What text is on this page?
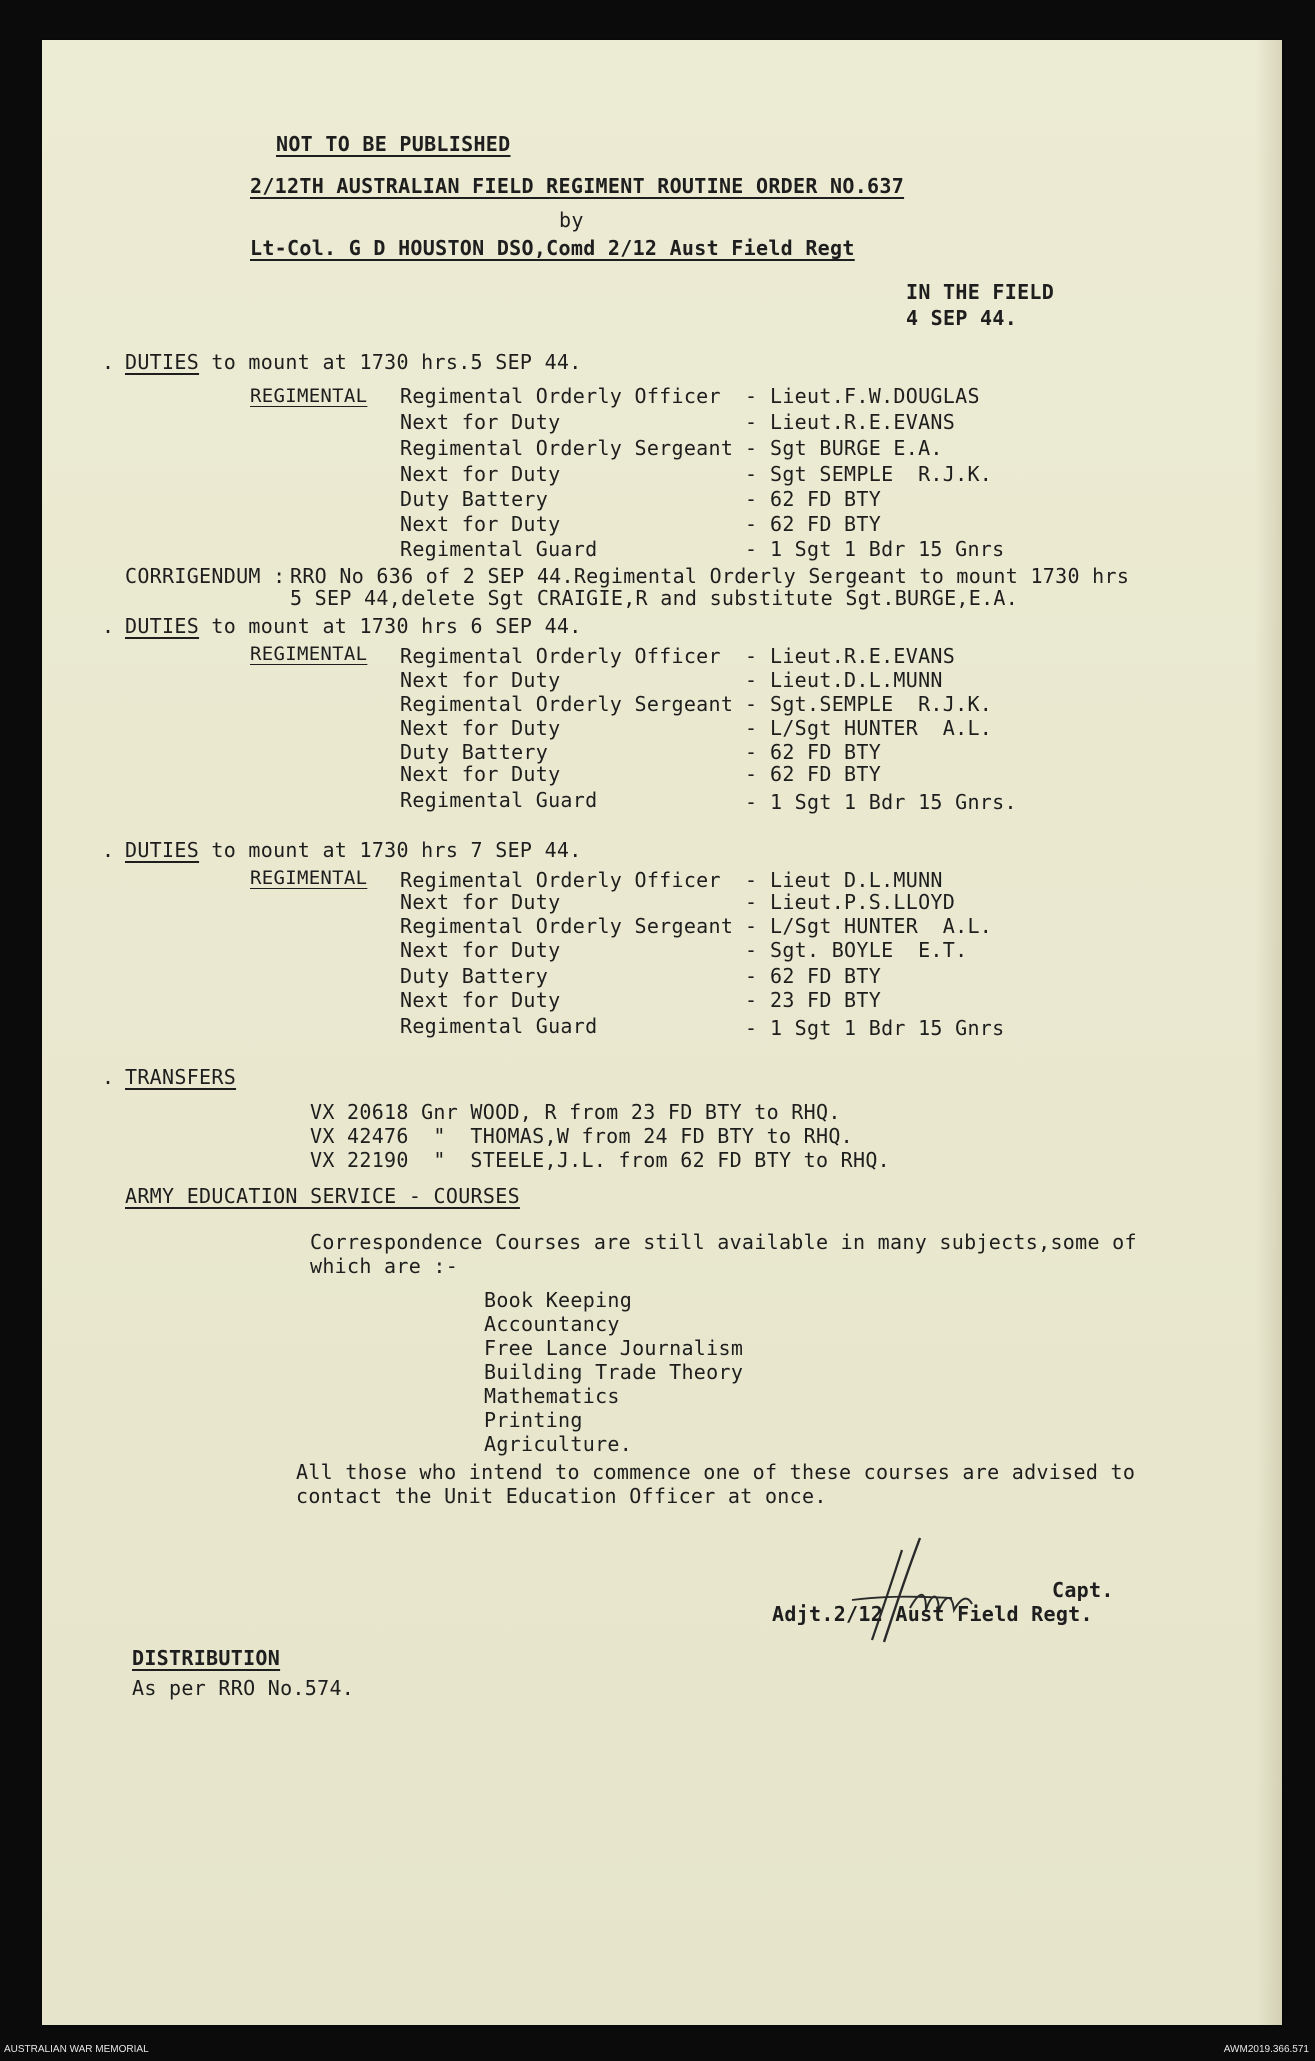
NOT TO BE PUBLISHED
2/12TH AUSTRALIAN FIELD REGIMENT ROUTINE ORDER NO.637
by
Lt-Col. G D HOUSTON DSO,Comd 2/12 Aust Field Regt
IN THE FIELD
4 SEP 44.
. DUTIES to mount at 1730 hrs.5 SEP 44.
REGIMENTAL Regimental Orderly Officer - Lieut.F.W.DOUGLAS
Next for Duty	- Lieut.R.E.EVANS
Regimental Orderly Sergeant - Sgt BURGE E.A.
Next for Duty	- Sgt SEMPLE  R.J.K.
Duty Battery	- 62 FD BTY
Next for Duty	- 62 FD BTY
Regimental Guard	- 1 Sgt 1 Bdr 15 Gnrs
CORRIGENDUM : RRO No 636 of 2 SEP 44.Regimental Orderly Sergeant to mount 1730 hrs
5 SEP 44,delete Sgt CRAIGIE,R and substitute Sgt.BURGE,E.A.
. DUTIES to mount at 1730 hrs 6 SEP 44.
REGIMENTAL Regimental Orderly Officer - Lieut.R.E.EVANS
Next for Duty	- Lieut.D.L.MUNN
Regimental Orderly Sergeant - Sgt.SEMPLE  R.J.K.
Next for Duty	- L/Sgt HUNTER  A.L.
Duty Battery	- 62 FD BTY
Next for Duty	- 62 FD BTY
Regimental Guard	- 1 Sgt 1 Bdr 15 Gnrs.
. DUTIES to mount at 1730 hrs 7 SEP 44.
REGIMENTAL Regimental Orderly Officer - Lieut D.L.MUNN
Next for Duty	- Lieut.P.S.LLOYD
Regimental Orderly Sergeant - L/Sgt HUNTER  A.L.
Next for Duty	- Sgt. BOYLE  E.T.
Duty Battery	- 62 FD BTY
Next for Duty	- 23 FD BTY
Regimental Guard	- 1 Sgt 1 Bdr 15 Gnrs
. TRANSFERS
VX 20618 Gnr WOOD, R from 23 FD BTY to RHQ.
VX 42476  "  THOMAS,W from 24 FD BTY to RHQ.
VX 22190  "  STEELE,J.L. from 62 FD BTY to RHQ.
ARMY EDUCATION SERVICE - COURSES
Correspondence Courses are still available in many subjects,some of
which are :-
Book Keeping
Accountancy
Free Lance Journalism
Building Trade Theory
Mathematics
Printing
Agriculture.
All those who intend to commence one of these courses are advised to
contact the Unit Education Officer at once.
Capt.
Adjt.2/12 Aust Field Regt.
DISTRIBUTION
As per RRO No.574.
AUSTRALIAN WAR MEMORIAL	AWM2019.366.571
